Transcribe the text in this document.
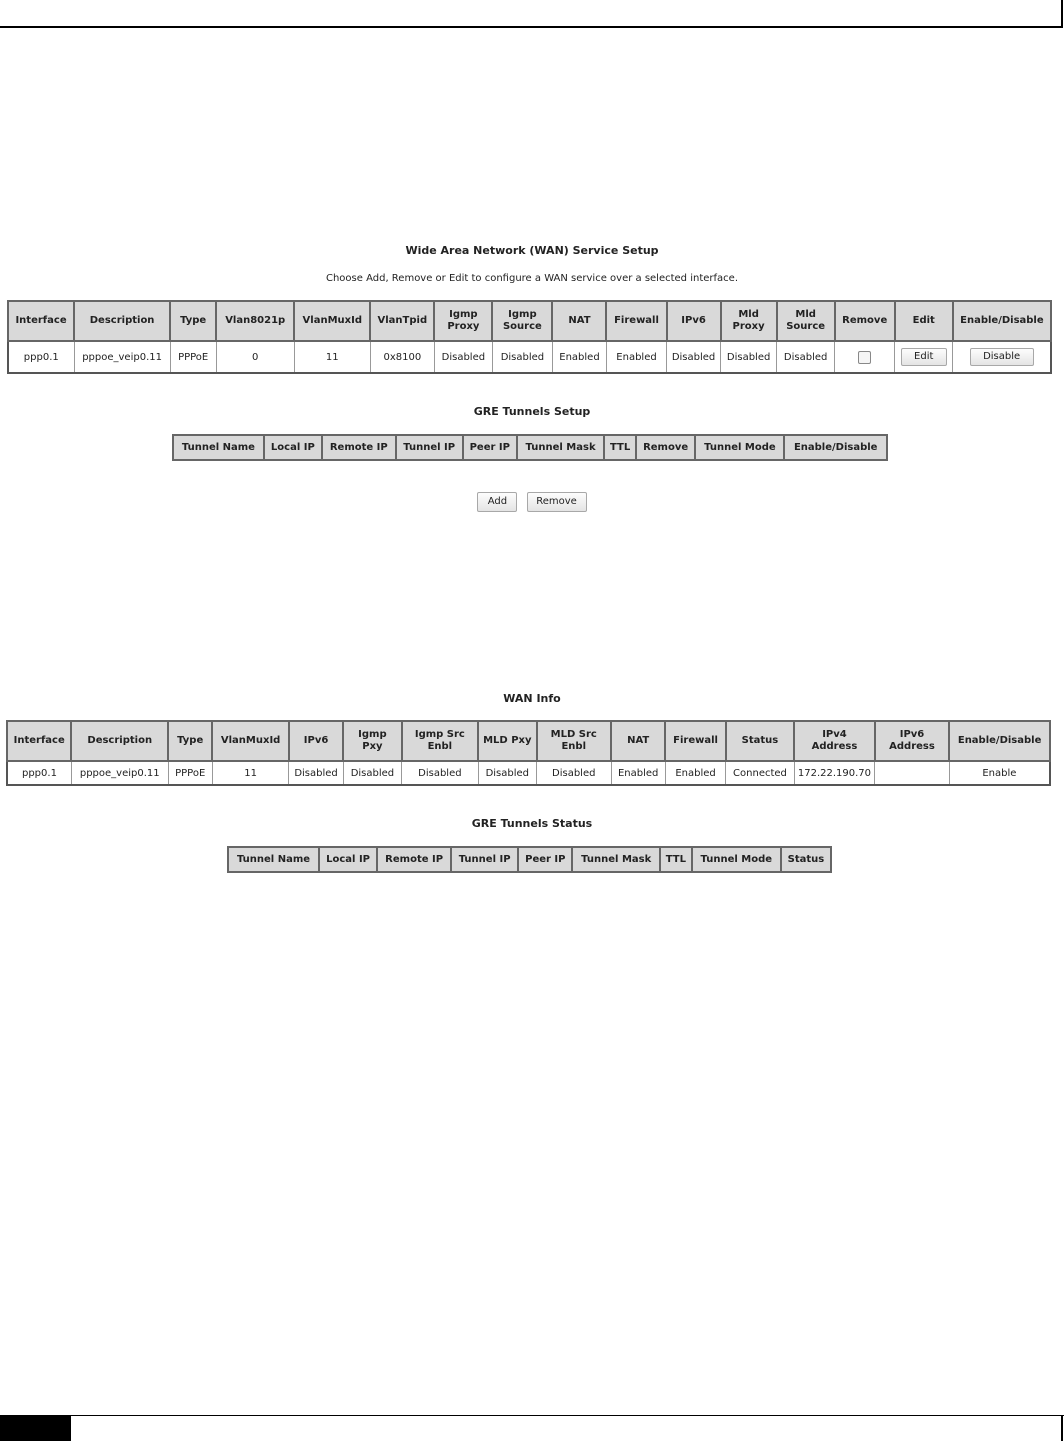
Wide Area Network (WAN) Service Setup
Choose Add, Remove or Edit to configure a WAN service over a selected interface.
Interface	Description	Type	Vlan8021p	VlanMuxId	VlanTpid	Igmp Proxy	Igmp Source	NAT	Firewall	IPv6	Mld Proxy	Mld Source	Remove	Edit	Enable/Disable
ppp0.1	pppoe_veip0.11	PPPoE	0	11	0x8100	Disabled	Disabled	Enabled	Enabled	Disabled	Disabled	Disabled		Edit	Disable
GRE Tunnels Setup
Tunnel Name	Local IP	Remote IP	Tunnel IP	Peer IP	Tunnel Mask	TTL	Remove	Tunnel Mode	Enable/Disable
Add	Remove
WAN Info
Interface	Description	Type	VlanMuxId	IPv6	Igmp Pxy	Igmp Src Enbl	MLD Pxy	MLD Src Enbl	NAT	Firewall	Status	IPv4 Address	IPv6 Address	Enable/Disable
ppp0.1	pppoe_veip0.11	PPPoE	11	Disabled	Disabled	Disabled	Disabled	Disabled	Enabled	Enabled	Connected	172.22.190.70		Enable
GRE Tunnels Status
Tunnel Name	Local IP	Remote IP	Tunnel IP	Peer IP	Tunnel Mask	TTL	Tunnel Mode	Status
